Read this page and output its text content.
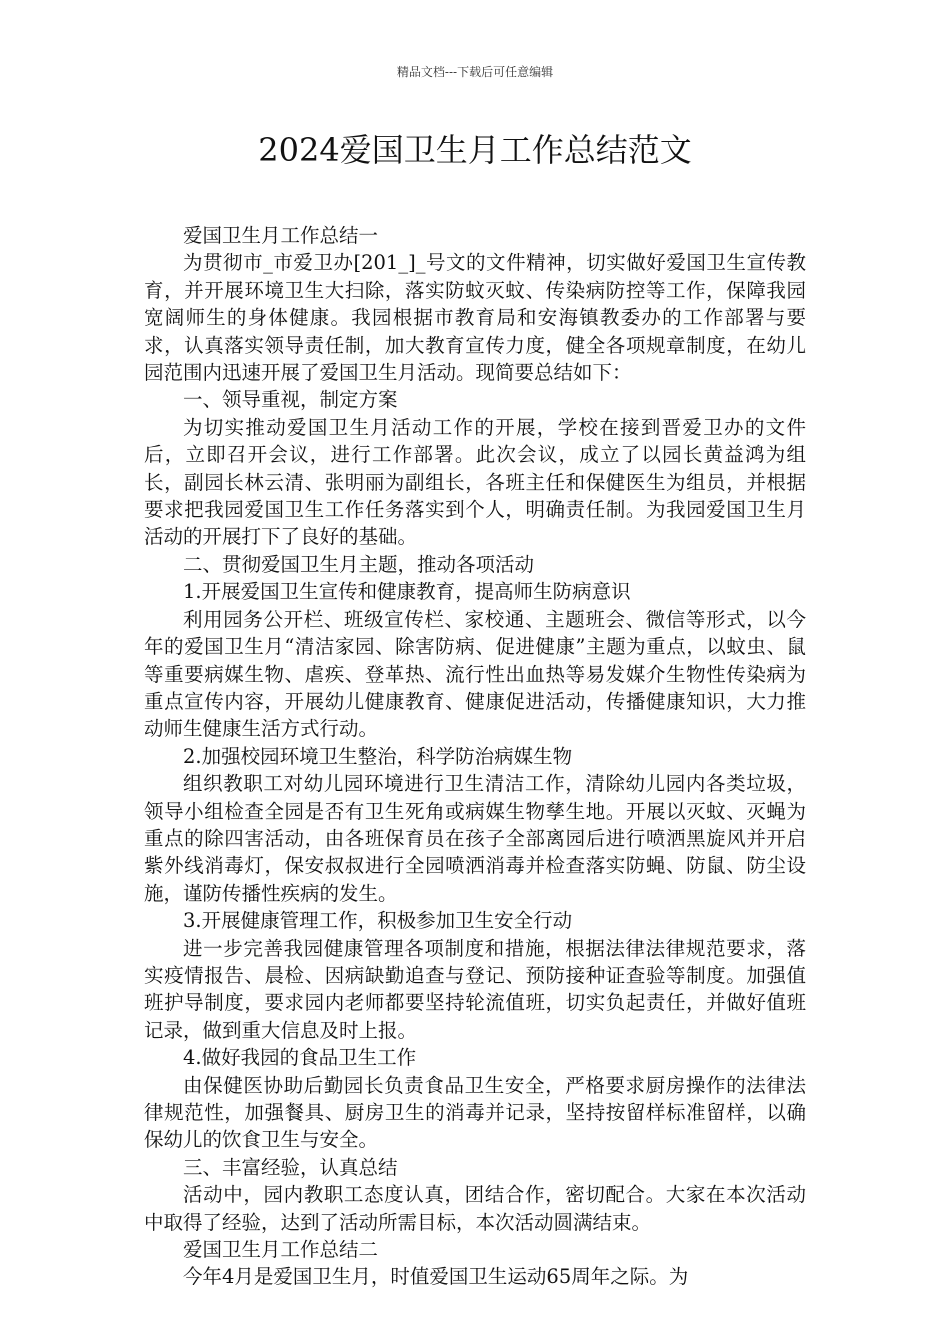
精品文档---下载后可任意编辑
2024爱国卫生月工作总结范文

爱国卫生月工作总结一

为贯彻市_市爱卫办[201_]_号文的文件精神，切实做好爱国卫生宣传教育，并开展环境卫生大扫除，落实防蚊灭蚊、传染病防控等工作，保障我园宽阔师生的身体健康。我园根据市教育局和安海镇教委办的工作部署与要求，认真落实领导责任制，加大教育宣传力度，健全各项规章制度，在幼儿园范围内迅速开展了爱国卫生月活动。现简要总结如下：

一、领导重视，制定方案

为切实推动爱国卫生月活动工作的开展，学校在接到晋爱卫办的文件后，立即召开会议，进行工作部署。此次会议，成立了以园长黄益鸿为组长，副园长林云清、张明丽为副组长，各班主任和保健医生为组员，并根据要求把我园爱国卫生工作任务落实到个人，明确责任制。为我园爱国卫生月活动的开展打下了良好的基础。

二、贯彻爱国卫生月主题，推动各项活动

1.开展爱国卫生宣传和健康教育，提高师生防病意识

利用园务公开栏、班级宣传栏、家校通、主题班会、微信等形式，以今年的爱国卫生月“清洁家园、除害防病、促进健康”主题为重点，以蚊虫、鼠等重要病媒生物、虐疾、登革热、流行性出血热等易发媒介生物性传染病为重点宣传内容，开展幼儿健康教育、健康促进活动，传播健康知识，大力推动师生健康生活方式行动。

2.加强校园环境卫生整治，科学防治病媒生物

组织教职工对幼儿园环境进行卫生清洁工作，清除幼儿园内各类垃圾，领导小组检查全园是否有卫生死角或病媒生物孳生地。开展以灭蚊、灭蝇为重点的除四害活动，由各班保育员在孩子全部离园后进行喷洒黑旋风并开启紫外线消毒灯，保安叔叔进行全园喷洒消毒并检查落实防蝇、防鼠、防尘设施，谨防传播性疾病的发生。

3.开展健康管理工作，积极参加卫生安全行动

进一步完善我园健康管理各项制度和措施，根据法律法律规范要求，落实疫情报告、晨检、因病缺勤追查与登记、预防接种证查验等制度。加强值班护导制度，要求园内老师都要坚持轮流值班，切实负起责任，并做好值班记录，做到重大信息及时上报。

4.做好我园的食品卫生工作

由保健医协助后勤园长负责食品卫生安全，严格要求厨房操作的法律法律规范性，加强餐具、厨房卫生的消毒并记录，坚持按留样标准留样，以确保幼儿的饮食卫生与安全。

三、丰富经验，认真总结

活动中，园内教职工态度认真，团结合作，密切配合。大家在本次活动中取得了经验，达到了活动所需目标，本次活动圆满结束。

爱国卫生月工作总结二

今年4月是爱国卫生月，时值爱国卫生运动65周年之际。为
